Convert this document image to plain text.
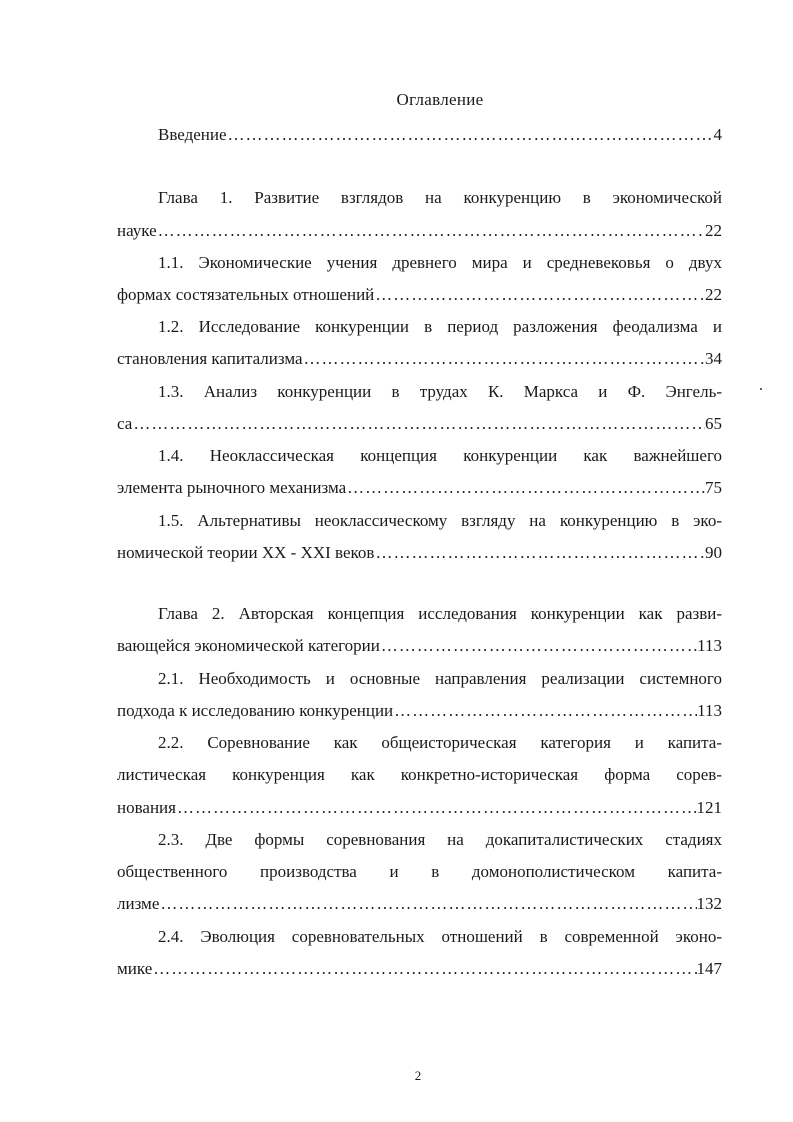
Оглавление
Введение ………………………………………………………………………………………………………………………………………………………………………………	4
Глава 1. Развитие взглядов на конкуренцию в экономической
науке ………………………………………………………………………………………………………………………………………………………………………………	22
1.1. Экономические учения древнего мира и средневековья о двух
формах состязательных отношений ………………………………………………………………………………………………………………………………………………………………………………	22
1.2. Исследование конкуренции в период разложения феодализма и
становления капитализма ………………………………………………………………………………………………………………………………………………………………………………	34
1.3. Анализ конкуренции в трудах К. Маркса и Ф. Энгель-
са ………………………………………………………………………………………………………………………………………………………………………………	65
1.4. Неоклассическая концепция конкуренции как важнейшего
элемента рыночного механизма ………………………………………………………………………………………………………………………………………………………………………………	75
1.5. Альтернативы неоклассическому взгляду на конкуренцию в эко-
номической теории XX - XXI веков ………………………………………………………………………………………………………………………………………………………………………………	90
Глава 2. Авторская концепция исследования конкуренции как разви-
вающейся экономической категории ………………………………………………………………………………………………………………………………………………………………………………	113
2.1. Необходимость и основные направления реализации системного
подхода к исследованию конкуренции ………………………………………………………………………………………………………………………………………………………………………………	113
2.2. Соревнование как общеисторическая категория и капита-
листическая конкуренция как конкретно-историческая форма сорев-
нования ………………………………………………………………………………………………………………………………………………………………………………	121
2.3. Две формы соревнования на докапиталистических стадиях
общественного производства и в домонополистическом капита-
лизме ………………………………………………………………………………………………………………………………………………………………………………	132
2.4. Эволюция соревновательных отношений в современной эконо-
мике ………………………………………………………………………………………………………………………………………………………………………………	147
2
